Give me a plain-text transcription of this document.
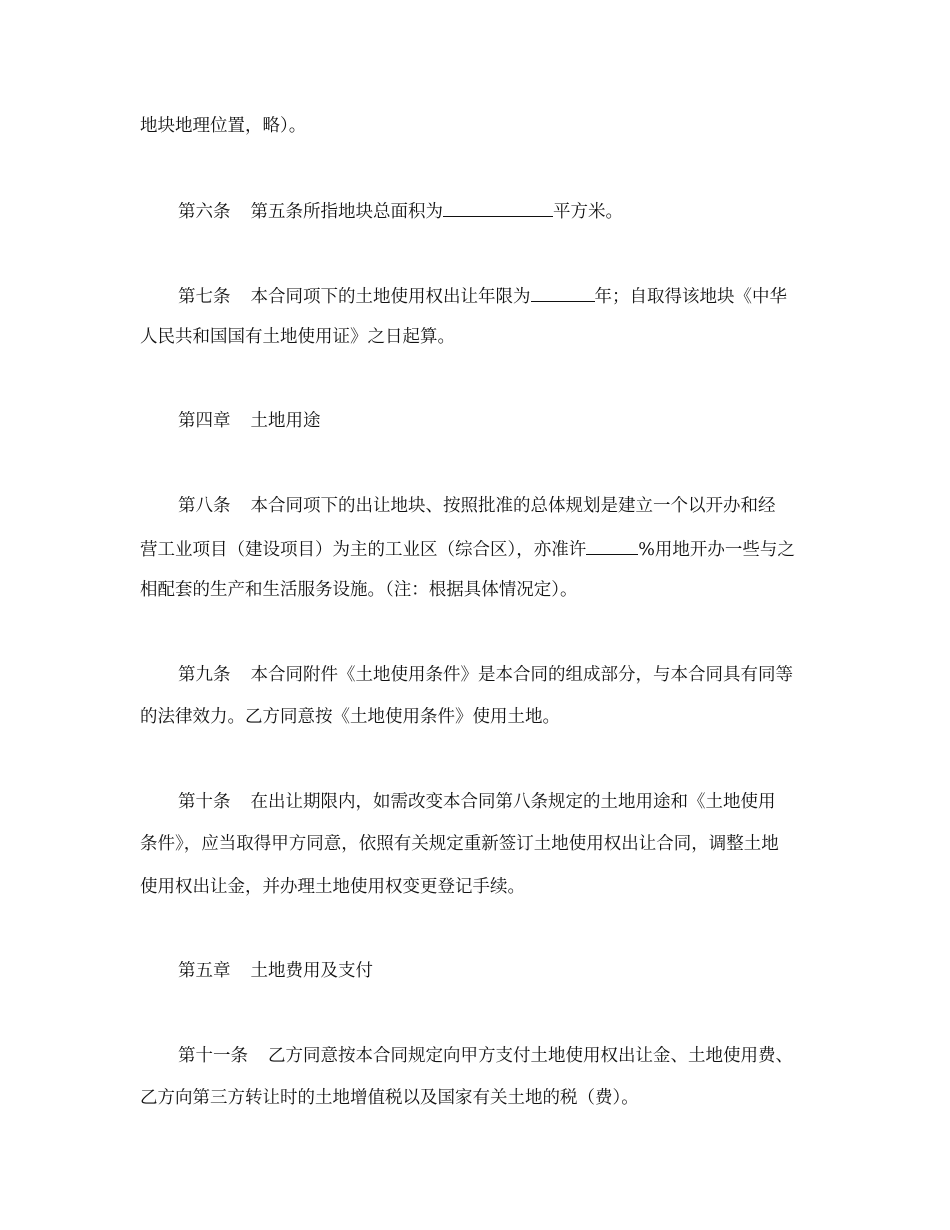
地块地理位置，略）。
第六条 第五条所指地块总面积为	平方米。
第七条 本合同项下的土地使用权出让年限为	年；自取得该地块《中华
人民共和国国有土地使用证》之日起算。
第四章 土地用途
第八条 本合同项下的出让地块、按照批准的总体规划是建立一个以开办和经
营工业项目（建设项目）为主的工业区（综合区），亦准许	%用地开办一些与之
相配套的生产和生活服务设施。（注：根据具体情况定）。
第九条 本合同附件《土地使用条件》是本合同的组成部分，与本合同具有同等
的法律效力。乙方同意按《土地使用条件》使用土地。
第十条 在出让期限内，如需改变本合同第八条规定的土地用途和《土地使用
条件》，应当取得甲方同意，依照有关规定重新签订土地使用权出让合同，调整土地
使用权出让金，并办理土地使用权变更登记手续。
第五章 土地费用及支付
第十一条 乙方同意按本合同规定向甲方支付土地使用权出让金、土地使用费、
乙方向第三方转让时的土地增值税以及国家有关土地的税（费）。
